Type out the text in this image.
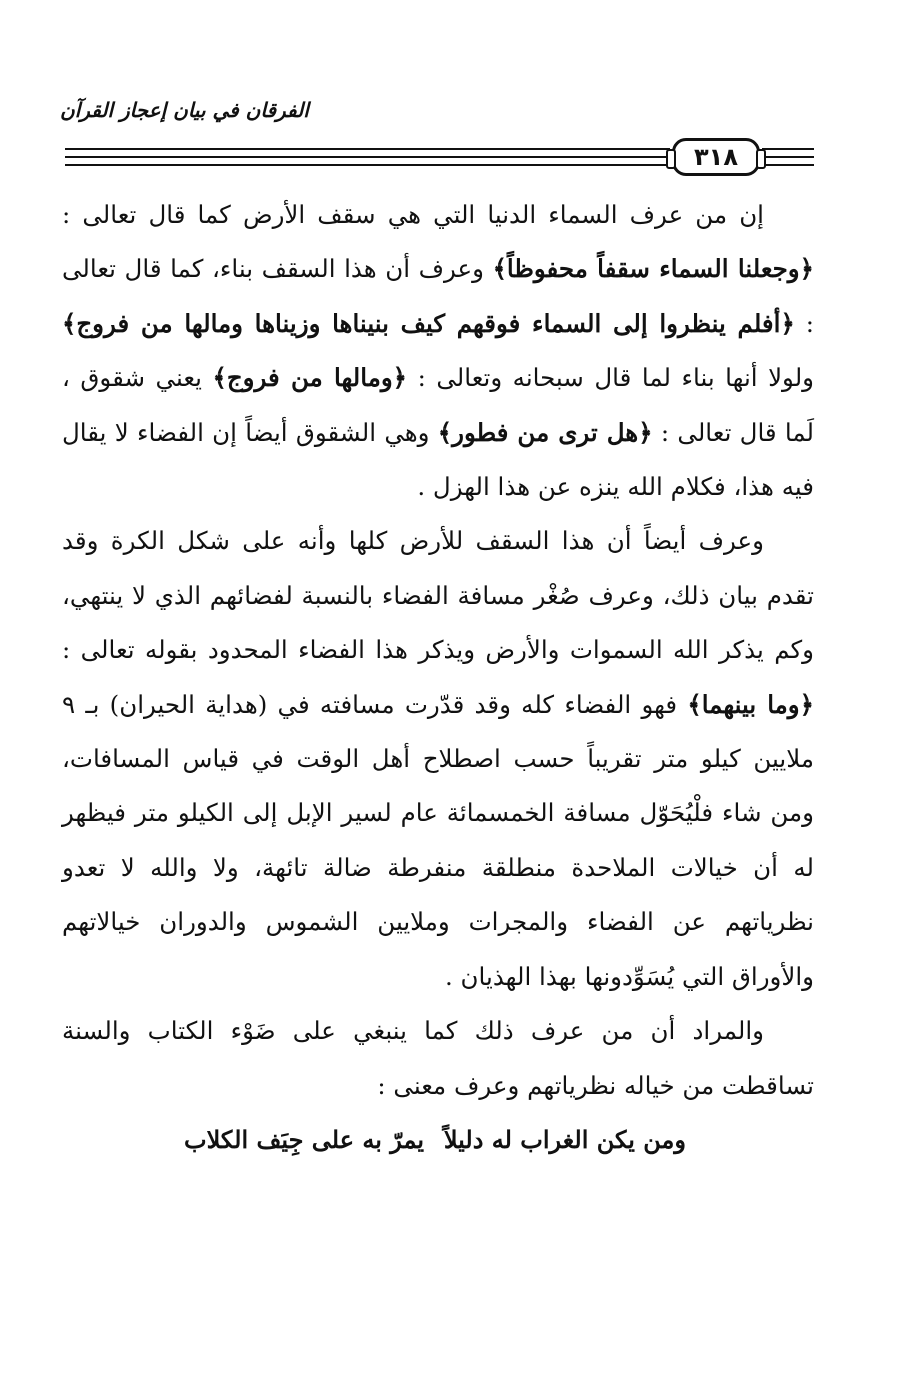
الفرقان في بيان إعجاز القرآن
٣١٨

إن من عرف السماء الدنيا التي هي سقف الأرض كما قال تعالى : ﴿وجعلنا السماء سقفاً محفوظاً﴾ وعرف أن هذا السقف بناء، كما قال تعالى : ﴿أفلم ينظروا إلى السماء فوقهم كيف بنيناها وزيناها ومالها من فروج﴾ ولولا أنها بناء لما قال سبحانه وتعالى : ﴿ومالها من فروج﴾ يعني شقوق ، لَما قال تعالى : ﴿هل ترى من فطور﴾ وهي الشقوق أيضاً إن الفضاء لا يقال فيه هذا، فكلام الله ينزه عن هذا الهزل .

وعرف أيضاً أن هذا السقف للأرض كلها وأنه على شكل الكرة وقد تقدم بيان ذلك، وعرف صُغْر مسافة الفضاء بالنسبة لفضائهم الذي لا ينتهي، وكم يذكر الله السموات والأرض ويذكر هذا الفضاء المحدود بقوله تعالى : ﴿وما بينهما﴾ فهو الفضاء كله وقد قدّرت مسافته في (هداية الحيران) بـ ٩ ملايين كيلو متر تقريباً حسب اصطلاح أهل الوقت في قياس المسافات، ومن شاء فلْيُحَوّل مسافة الخمسمائة عام لسير الإبل إلى الكيلو متر فيظهر له أن خيالات الملاحدة منطلقة منفرطة ضالة تائهة، ولا والله لا تعدو نظرياتهم عن الفضاء والمجرات وملايين الشموس والدوران خيالاتهم والأوراق التي يُسَوِّدونها بهذا الهذيان .

والمراد أن من عرف ذلك كما ينبغي على ضَوْء الكتاب والسنة تساقطت من خياله نظرياتهم وعرف معنى :

ومن يكن الغراب له دليلاً
يمرّ به على جِيَف الكلاب
